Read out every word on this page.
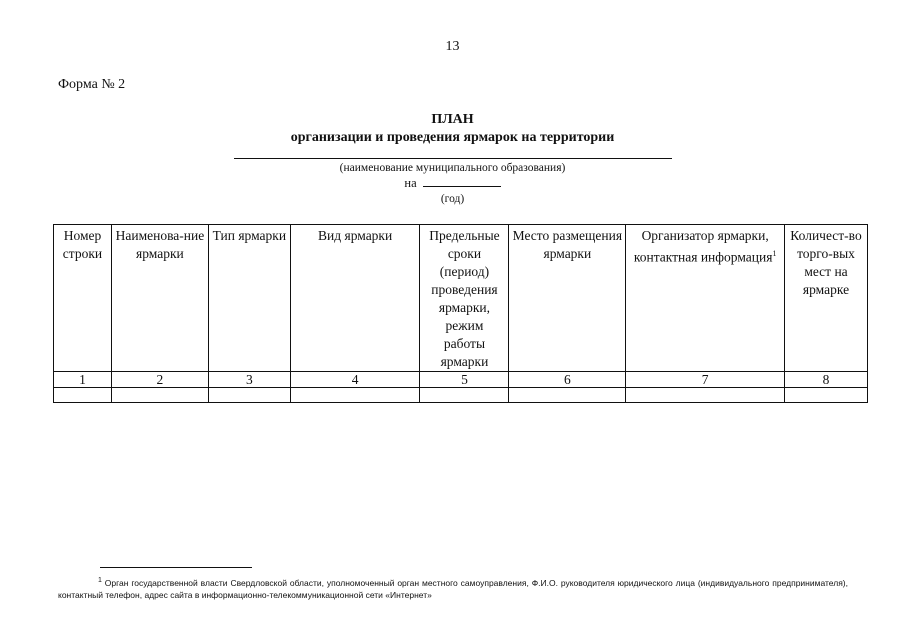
13
Форма № 2
ПЛАН
организации и проведения ярмарок на территории
(наименование муниципального образования)
на
(год)
Номер строки	Наименова-ние ярмарки	Тип ярмарки	Вид ярмарки	Предельные сроки (период) проведения ярмарки, режим работы ярмарки	Место размещения ярмарки	Организатор ярмарки, контактная информация$^1$	Количест-во торго-вых мест на ярмарке
1	2	3	4	5	6	7	8

$^1$ Орган государственной власти Свердловской области, уполномоченный орган местного самоуправления, Ф.И.О. руководителя юридического лица (индивидуального предпринимателя), контактный телефон, адрес сайта в информационно-телекоммуникационной сети «Интернет»
